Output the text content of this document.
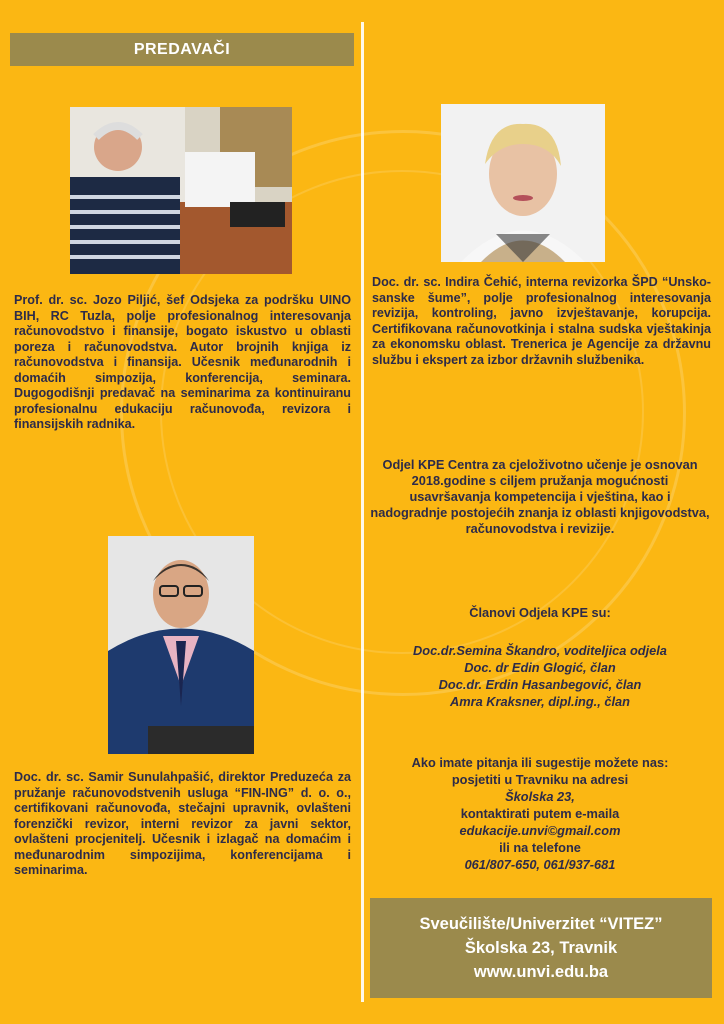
PREDAVAČI
Prof. dr. sc. Jozo Piljić, šef Odsjeka za podršku UINO BIH, RC Tuzla, polje profesionalnog interesovanja računovodstvo i finansije, bogato iskustvo u oblasti poreza i računovodstva. Autor brojnih knjiga iz računovodstva i finansija. Učesnik međunarodnih i domaćih simpozija, konferencija, seminara. Dugogodišnji predavač na seminarima za kontinuiranu profesionalnu edukaciju računovođa, revizora i finansijskih radnika.
Doc. dr. sc. Indira Čehić, interna revizorka ŠPD “Unsko-sanske šume”, polje profesionalnog interesovanja revizija, kontroling, javno izvještavanje, korupcija. Certifikovana računovotkinja i stalna sudska vještakinja za ekonomsku oblast. Trenerica je Agencije za državnu službu i ekspert za izbor državnih službenika.
Doc. dr. sc. Samir Sunulahpašić, direktor Preduzeća za pružanje računovodstvenih usluga “FIN-ING” d. o. o., certifikovani računovođa, stečajni upravnik, ovlašteni forenzički revizor, interni revizor za javni sektor, ovlašteni procjenitelj. Učesnik i izlagač na domaćim i međunarodnim simpozijima, konferencijama i seminarima.
Odjel KPE Centra za cjeloživotno učenje je osnovan 2018.godine s ciljem pružanja mogućnosti usavršavanja kompetencija i vještina, kao i nadogradnje postojećih znanja iz oblasti knjigovodstva, računovodstva i revizije.
Članovi Odjela KPE su:
Doc.dr.Semina Škandro, voditeljica odjela
Doc. dr Edin Glogić, član
Doc.dr. Erdin Hasanbegović, član
Amra Kraksner, dipl.ing., član
Ako imate pitanja ili sugestije možete nas:
posjetiti u Travniku na adresi
Školska 23,
kontaktirati putem e-maila
edukacije.unvi©gmail.com
ili na telefone
061/807-650, 061/937-681
Sveučilište/Univerzitet “VITEZ”
Školska 23, Travnik
www.unvi.edu.ba
